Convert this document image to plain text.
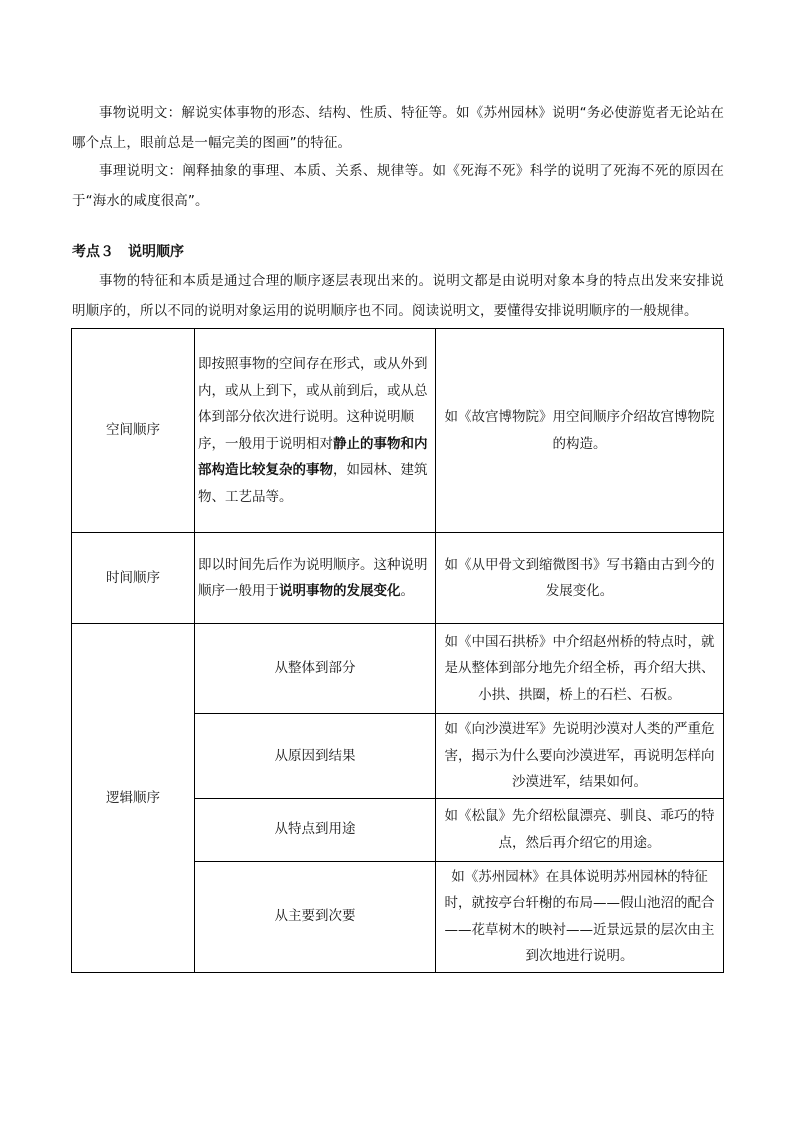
事物说明文：解说实体事物的形态、结构、性质、特征等。如《苏州园林》说明“务必使游览者无论站在哪个点上，眼前总是一幅完美的图画”的特征。

事理说明文：阐释抽象的事理、本质、关系、规律等。如《死海不死》科学的说明了死海不死的原因在于“海水的咸度很高”。

考点３　说明顺序

事物的特征和本质是通过合理的顺序逐层表现出来的。说明文都是由说明对象本身的特点出发来安排说明顺序的，所以不同的说明对象运用的说明顺序也不同。阅读说明文，要懂得安排说明顺序的一般规律。

空间顺序	即按照事物的空间存在形式，或从外到内，或从上到下，或从前到后，或从总体到部分依次进行说明。这种说明顺序，一般用于说明相对静止的事物和内部构造比较复杂的事物，如园林、建筑物、工艺品等。	如《故宫博物院》用空间顺序介绍故宫博物院的构造。
时间顺序	即以时间先后作为说明顺序。这种说明顺序一般用于说明事物的发展变化。	如《从甲骨文到缩微图书》写书籍由古到今的发展变化。
逻辑顺序	从整体到部分	如《中国石拱桥》中介绍赵州桥的特点时，就是从整体到部分地先介绍全桥，再介绍大拱、小拱、拱圈，桥上的石栏、石板。
	从原因到结果	如《向沙漠进军》先说明沙漠对人类的严重危害，揭示为什么要向沙漠进军，再说明怎样向沙漠进军，结果如何。
	从特点到用途	如《松鼠》先介绍松鼠漂亮、驯良、乖巧的特点，然后再介绍它的用途。
	从主要到次要	如《苏州园林》在具体说明苏州园林的特征时，就按亭台轩榭的布局——假山池沼的配合——花草树木的映衬——近景远景的层次由主到次地进行说明。
